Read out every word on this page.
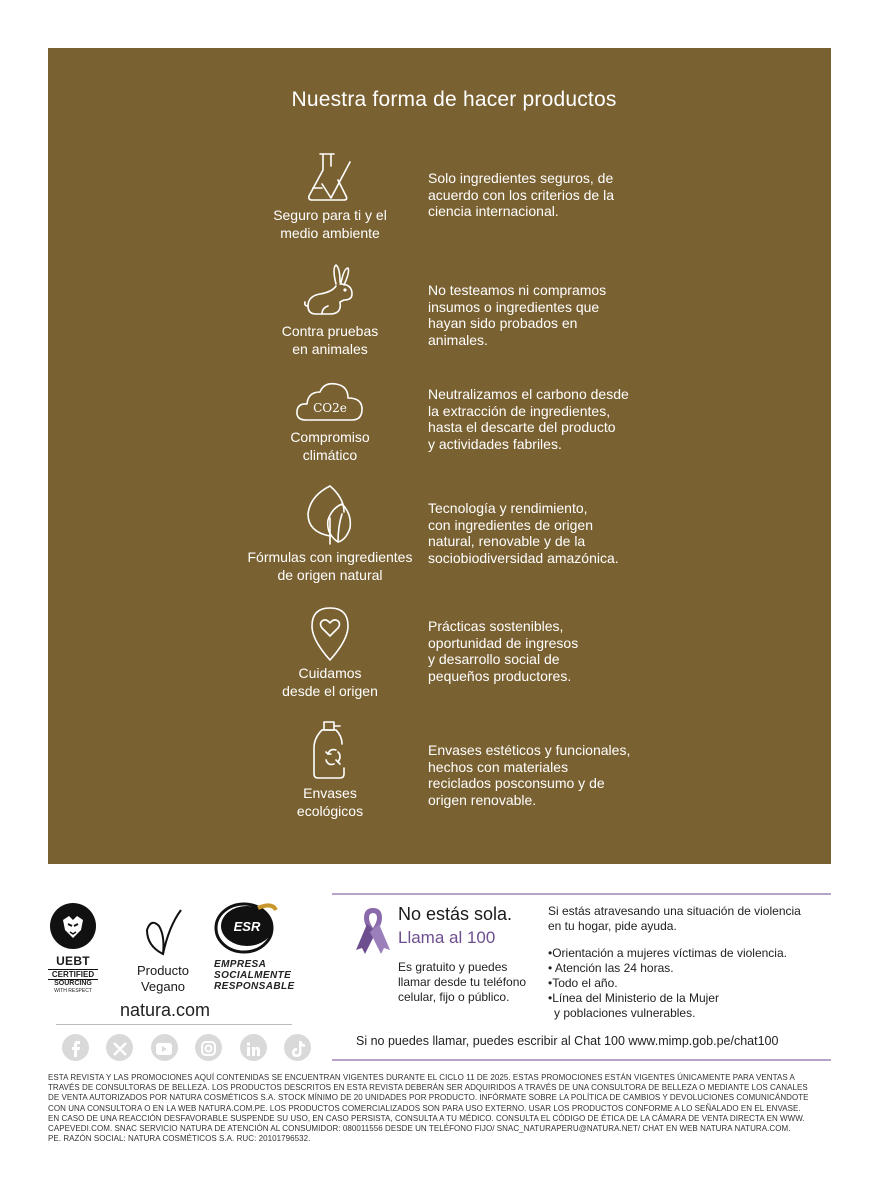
Nuestra forma de hacer productos
Seguro para ti y el
medio ambiente
Solo ingredientes seguros, de
acuerdo con los criterios de la
ciencia internacional.
Contra pruebas
en animales
No testeamos ni compramos
insumos o ingredientes que
hayan sido probados en
animales.
CO2e
Compromiso
climático
Neutralizamos el carbono desde
la extracción de ingredientes,
hasta el descarte del producto
y actividades fabriles.
Fórmulas con ingredientes
de origen natural
Tecnología y rendimiento,
con ingredientes de origen
natural, renovable y de la
sociobiodiversidad amazónica.
Cuidamos
desde el origen
Prácticas sostenibles,
oportunidad de ingresos
y desarrollo social de
pequeños productores.
Envases
ecológicos
Envases estéticos y funcionales,
hechos con materiales
reciclados posconsumo y de
origen renovable.
UEBT
CERTIFIED
SOURCING
WITH RESPECT
Producto
Vegano
ESR
EMPRESA
SOCIALMENTE
RESPONSABLE
natura.com

No estás sola.
Llama al 100
Es gratuito y puedes
llamar desde tu teléfono
celular, fijo o público.
Si estás atravesando una situación de violencia
en tu hogar, pide ayuda.
•Orientación a mujeres víctimas de violencia.
• Atención las 24 horas.
•Todo el año.
•Línea del Ministerio de la Mujer
y poblaciones vulnerables.
Si no puedes llamar, puedes escribir al Chat 100 www.mimp.gob.pe/chat100
ESTA REVISTA Y LAS PROMOCIONES AQUÍ CONTENIDAS SE ENCUENTRAN VIGENTES DURANTE EL CICLO 11 DE 2025. ESTAS PROMOCIONES ESTÁN VIGENTES ÚNICAMENTE PARA VENTAS A
TRAVÉS DE CONSULTORAS DE BELLEZA. LOS PRODUCTOS DESCRITOS EN ESTA REVISTA DEBERÁN SER ADQUIRIDOS A TRAVÉS DE UNA CONSULTORA DE BELLEZA O MEDIANTE LOS CANALES
DE VENTA AUTORIZADOS POR NATURA COSMÉTICOS S.A. STOCK MÍNIMO DE 20 UNIDADES POR PRODUCTO. INFÓRMATE SOBRE LA POLÍTICA DE CAMBIOS Y DEVOLUCIONES COMUNICÁNDOTE
CON UNA CONSULTORA O EN LA WEB NATURA.COM.PE. LOS PRODUCTOS COMERCIALIZADOS SON PARA USO EXTERNO. USAR LOS PRODUCTOS CONFORME A LO SEÑALADO EN EL ENVASE.
EN CASO DE UNA REACCIÓN DESFAVORABLE SUSPENDE SU USO, EN CASO PERSISTA, CONSULTA A TU MÉDICO. CONSULTA EL CÓDIGO DE ÉTICA DE LA CÁMARA DE VENTA DIRECTA EN WWW.
CAPEVEDI.COM. SNAC SERVICIO NATURA DE ATENCIÓN AL CONSUMIDOR: 080011556 DESDE UN TELÉFONO FIJO/ SNAC_NATURAPERU@NATURA.NET/ CHAT EN WEB NATURA NATURA.COM.
PE. RAZÓN SOCIAL: NATURA COSMÉTICOS S.A. RUC: 20101796532.
